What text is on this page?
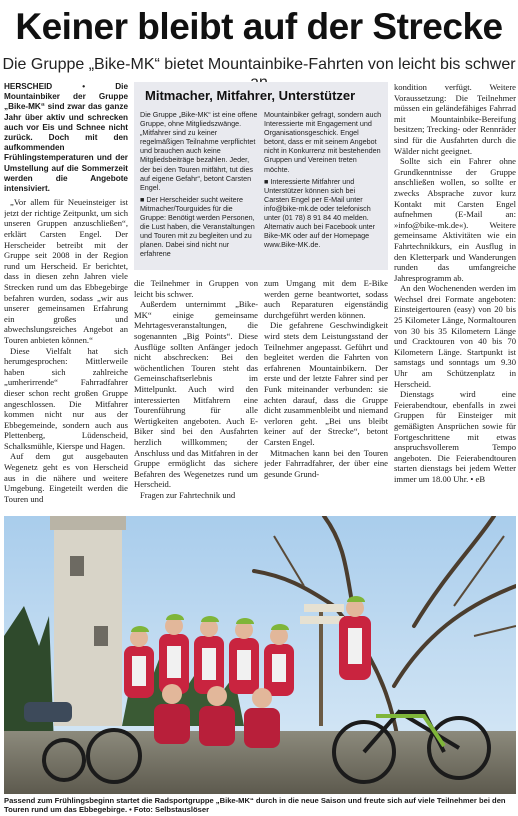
Keiner bleibt auf der Strecke
Die Gruppe „Bike-MK“ bietet Mountainbike-Fahrten von leicht bis schwer

HERSCHEID •	Die Mountainbiker der Gruppe „Bike-MK“ sind zwar das ganze Jahr über aktiv und schrecken auch vor Eis und Schnee nicht zurück. Doch mit den aufkommenden Frühlingstemperaturen und der Umstellung auf die Sommerzeit werden die Angebote intensiviert.

„Vor allem für Neueinsteiger ist jetzt der richtige Zeitpunkt, um sich unseren Gruppen anzuschließen“, erklärt Carsten Engel. Der Herscheider betreibt mit der Gruppe seit 2008 in der Region rund um Herscheid. Er berichtet, dass in diesen zehn Jahren viele Strecken rund um das Ebbegebirge befahren wurden, sodass „wir aus unserer gemeinsamen Erfahrung ein großes und abwechslungsreiches Angebot an Touren anbieten können.“

Diese Vielfalt hat sich herumgesprochen: Mittlerweile haben sich zahlreiche „umherirrende“ Fahrradfahrer dieser schon recht großen Gruppe angeschlossen. Die Mitfahrer kommen nicht nur aus der Ebbegemeinde, sondern auch aus Plettenberg, Lüdenscheid, Schalksmühle, Kierspe und Hagen.

Auf dem gut ausgebauten Wegenetz geht es von Herscheid aus in die nähere und weitere Umgebung. Eingeteilt werden die Touren und

Mitmacher, Mitfahrer, Unterstützer

Die Gruppe „Bike-MK“ ist eine offene Gruppe, ohne Mitgliedszwänge. „Mitfahrer sind zu keiner regelmäßigen Teilnahme verpflichtet und brauchen auch keine Mitgliedsbeiträge bezahlen. Jeder, der bei den Touren mitfährt, tut dies auf eigene Gefahr“, betont Carsten Engel.

■ Der Herscheider sucht weitere Mitmacher/Tourguides für die Gruppe: Benötigt werden Personen, die Lust haben, die Veranstaltungen und Touren mit zu begleiten und zu planen. Dabei sind nicht nur erfahrene

Mountainbiker gefragt, sondern auch Interessierte mit Engagement und Organisationsgeschick. Engel betont, dass er mit seinem Angebot nicht in Konkurrenz mit bestehenden Gruppen und Vereinen treten möchte.

■ Interessierte Mitfahrer und Unterstützer können sich bei Carsten Engel per E-Mail unter info@bike-mk.de oder telefonisch unter (01 78) 8 91 84 40 melden. Alternativ auch bei Facebook unter Bike-MK oder auf der Homepage www.Bike-MK.de.

die Teilnehmer in Gruppen von leicht bis schwer.

Außerdem unternimmt „Bike-MK“ einige gemeinsame Mehrtagesveranstaltungen, die sogenannten „Big Points“. Diese Ausflüge sollten Anfänger jedoch nicht abschrecken: Bei den wöchentlichen Touren steht das Gemeinschaftserlebnis im Mittelpunkt. Auch wird den interessierten Mitfahrern eine Tourenführung für alle Wertigkeiten angeboten. Auch E-Biker sind bei den Ausfahrten herzlich willkommen; der Anschluss und das Mitfahren in der Gruppe ermöglicht das sichere Befahren des Wegenetzes rund um Herscheid.

Fragen zur Fahrtechnik und

zum Umgang mit dem E-Bike werden gerne beantwortet, sodass auch Reparaturen eigenständig durchgeführt werden können.

Die gefahrene Geschwindigkeit wird stets dem Leistungsstand der Teilnehmer angepasst. Geführt und begleitet werden die Fahrten von erfahrenen Mountainbikern. Der erste und der letzte Fahrer sind per Funk miteinander verbunden: sie achten darauf, dass die Gruppe dicht zusammenbleibt und niemand verloren geht. „Bei uns bleibt keiner auf der Strecke“, betont Carsten Engel.

Mitmachen kann bei den Touren jeder Fahrradfahrer, der über eine gesunde Grund-

kondition verfügt. Weitere Voraussetzung: Die Teilnehmer müssen ein geländefähiges Fahrrad mit Mountainbike-Bereifung besitzen; Trecking- oder Rennräder sind für die Ausfahrten durch die Wälder nicht geeignet.

Sollte sich ein Fahrer ohne Grundkenntnisse der Gruppe anschließen wollen, so sollte er zwecks Absprache zuvor kurz Kontakt mit Carsten Engel aufnehmen (E-Mail an: »info@bike-mk.de«). Weitere gemeinsame Aktivitäten wie ein Fahrtechnikkurs, ein Ausflug in den Kletterpark und Wanderungen runden das umfangreiche Jahresprogramm ab.

An den Wochenenden werden im Wechsel drei Formate angeboten: Einsteigertouren (easy) von 20 bis 25 Kilometer Länge, Normaltouren von 30 bis 35 Kilometern Länge und Cracktouren von 40 bis 70 Kilometern Länge. Startpunkt ist samstags und sonntags um 9.30 Uhr am Schützenplatz in Herscheid.

Dienstags wird eine Feierabendtour, ebenfalls in zwei Gruppen für Einsteiger mit gemäßigten Ansprüchen sowie für Fortgeschrittene mit etwas anspruchsvollerem Tempo angeboten. Die Feierabendtouren starten dienstags bei jedem Wetter immer um 18.00 Uhr. • eB

Passend zum Frühlingsbeginn startet die Radsportgruppe „Bike-MK“ durch in die neue Saison und freute sich auf viele Teilnehmer bei den Touren rund um das Ebbegebirge. • Foto: Selbstauslöser
